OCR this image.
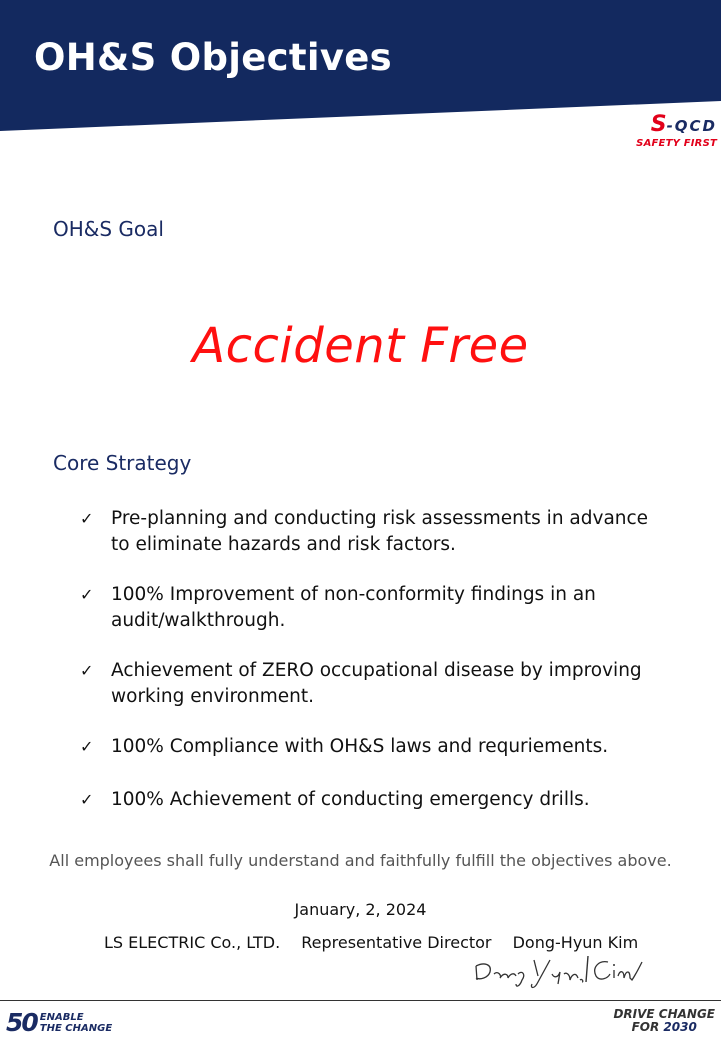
OH&S Objectives
S-QCD
SAFETY FIRST
OH&S Goal
Accident Free
Core Strategy
✓ Pre-planning and conducting risk assessments in advance to eliminate hazards and risk factors.
✓ 100% Improvement of non-conformity findings in an audit/walkthrough.
✓ Achievement of ZERO occupational disease by improving working environment.
✓ 100% Compliance with OH&S laws and requriements.
✓ 100% Achievement of conducting emergency drills.
All employees shall fully understand and faithfully fulfill the objectives above.
January, 2, 2024
LS ELECTRIC Co., LTD. Representative Director Dong-Hyun Kim
50 ENABLE
THE CHANGE
DRIVE CHANGE
FOR 2030
